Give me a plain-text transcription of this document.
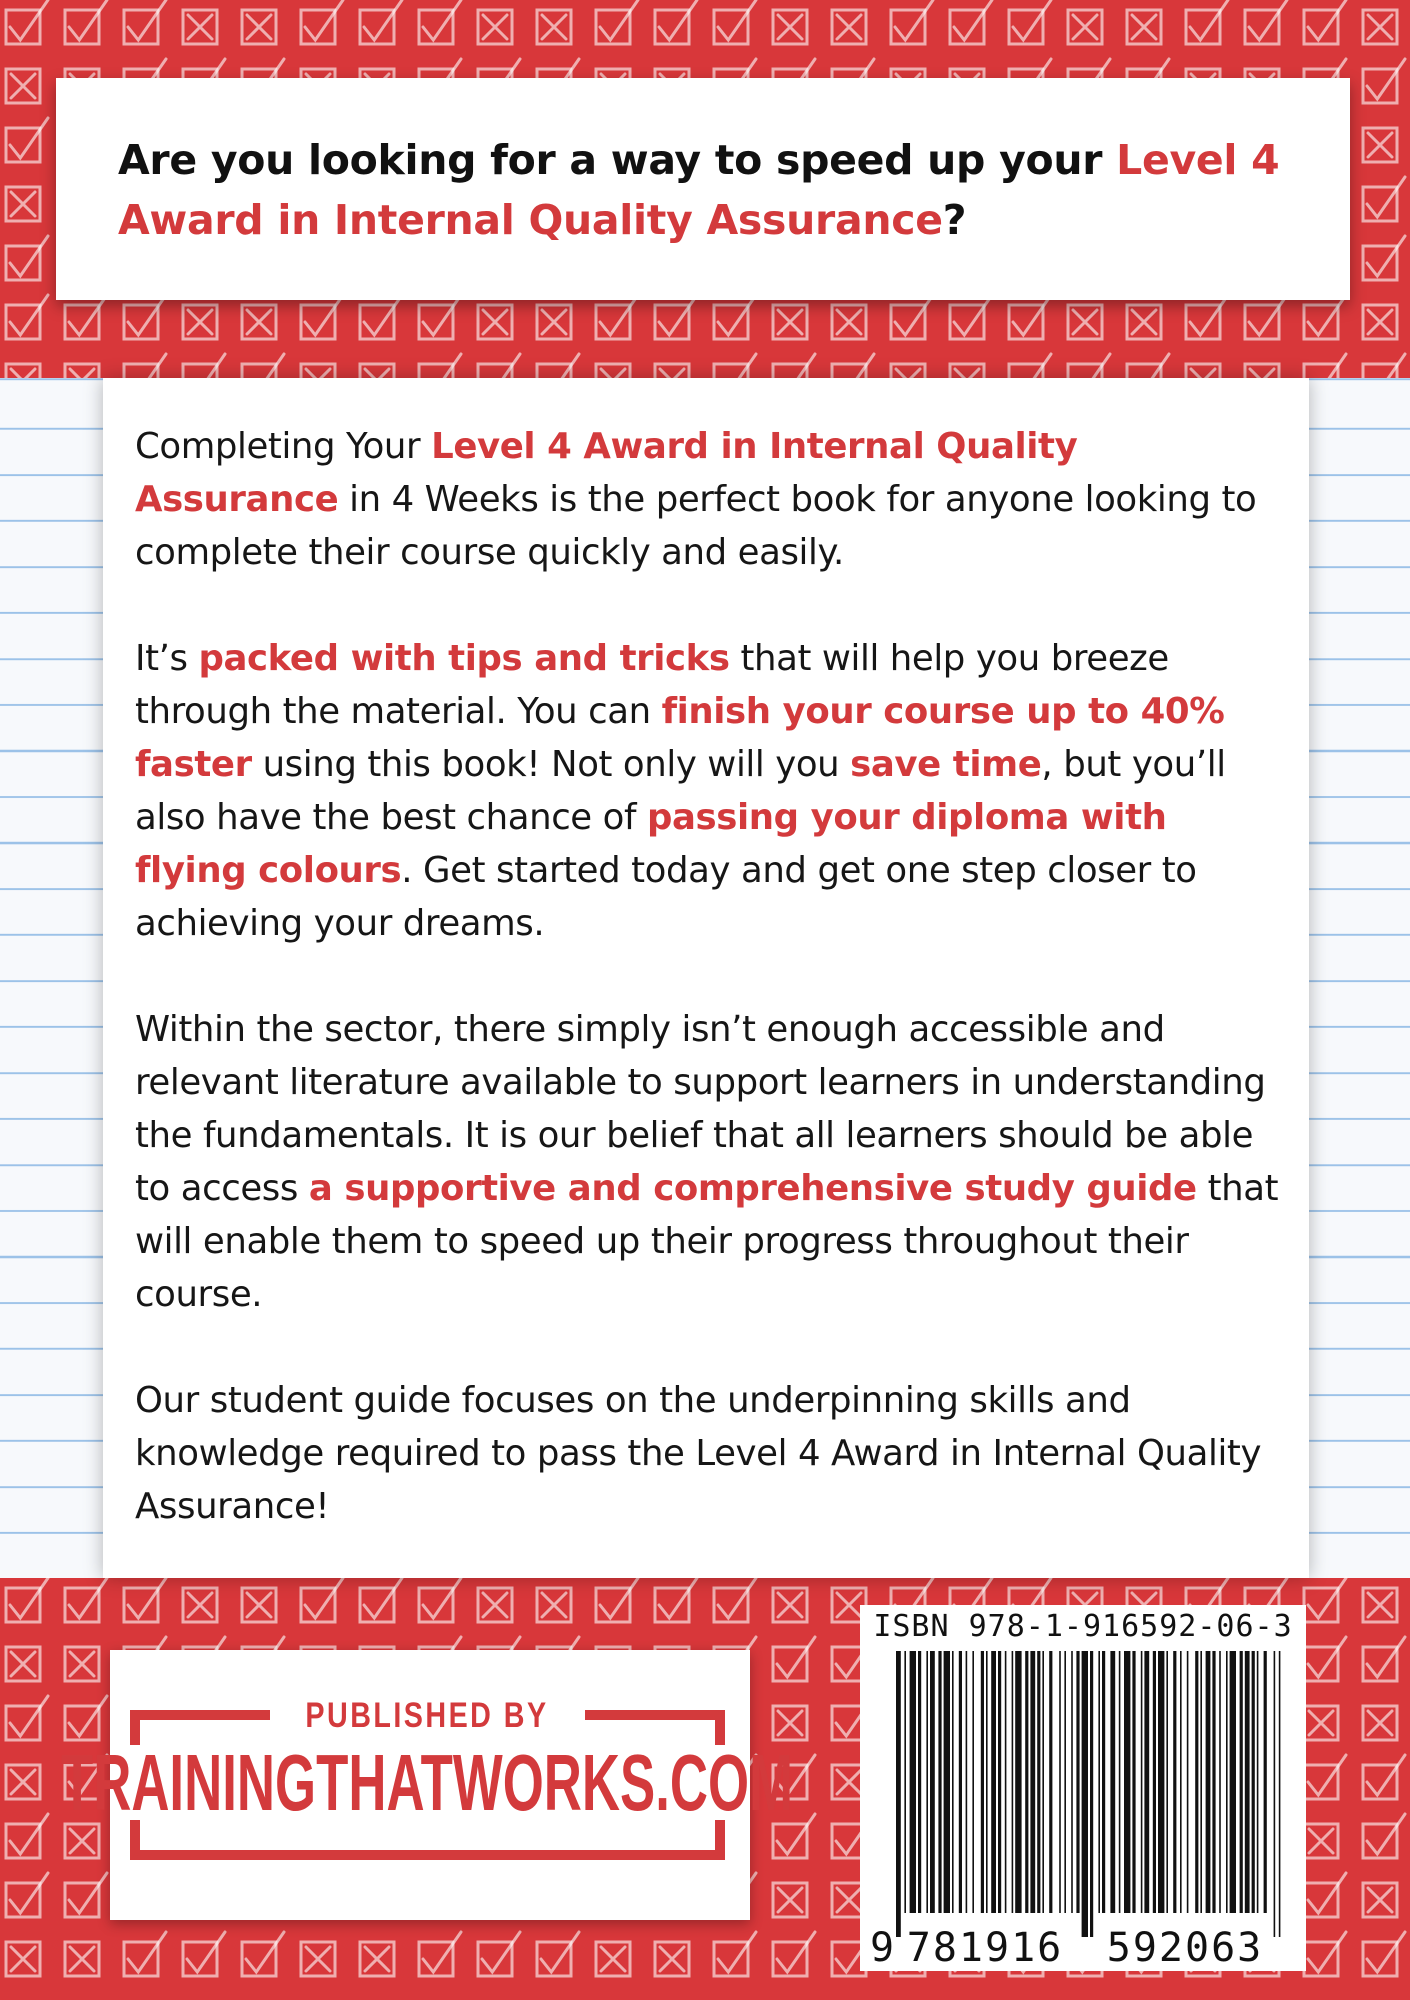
Are you looking for a way to speed up your Level 4 Award in Internal Quality Assurance?

Completing Your Level 4 Award in Internal Quality Assurance in 4 Weeks is the perfect book for anyone looking to complete their course quickly and easily.

It’s packed with tips and tricks that will help you breeze through the material. You can finish your course up to 40% faster using this book! Not only will you save time, but you’ll also have the best chance of passing your diploma with flying colours. Get started today and get one step closer to achieving your dreams.

Within the sector, there simply isn’t enough accessible and relevant literature available to support learners in understanding the fundamentals. It is our belief that all learners should be able to access a supportive and comprehensive study guide that will enable them to speed up their progress throughout their course.

Our student guide focuses on the underpinning skills and knowledge required to pass the Level 4 Award in Internal Quality Assurance!

PUBLISHED BY
TRAININGTHATWORKS.COM
ISBN 978-1-916592-06-3
9 781916 592063
